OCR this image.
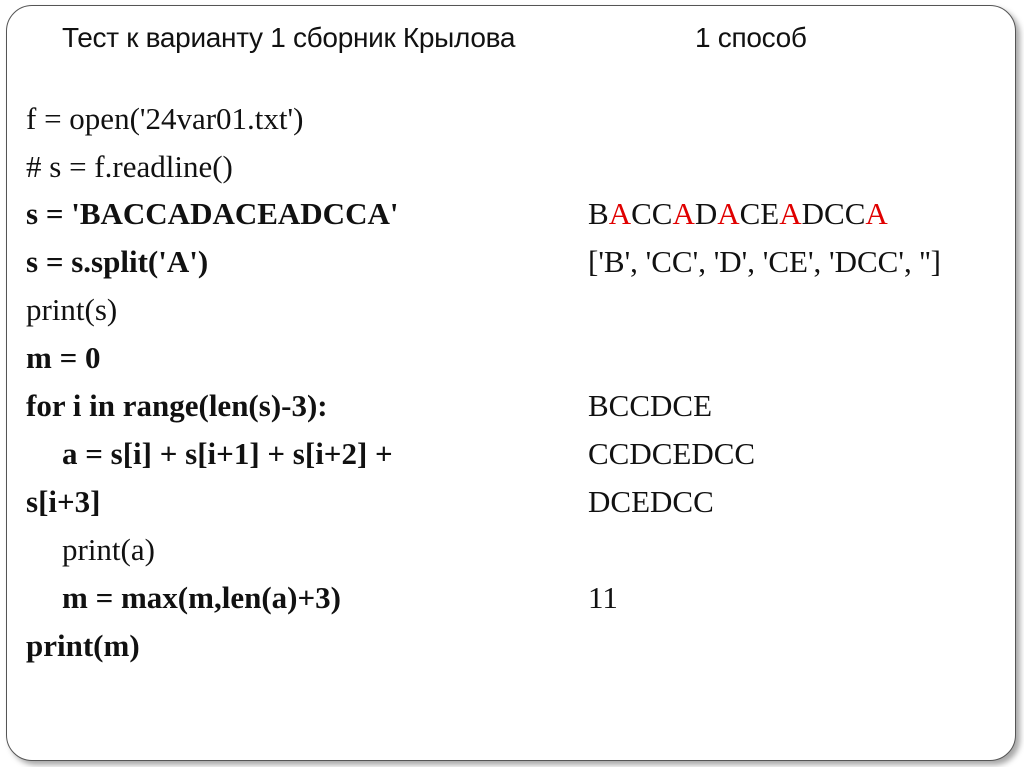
Тест к варианту 1 сборник Крылова	1 способ
f = open('24var01.txt')
# s = f.readline()
s = 'BACCADACEADCCA'
s = s.split('A')
print(s)
m = 0
for i in range(len(s)-3):
a = s[i] + s[i+1] + s[i+2] +
s[i+3]
print(a)
m = max(m,len(a)+3)
print(m)
BACCADACEADCCA
['B', 'CC', 'D', 'CE', 'DCC', '']
BCCDCE
CCDCEDCC
DCEDCC
11
